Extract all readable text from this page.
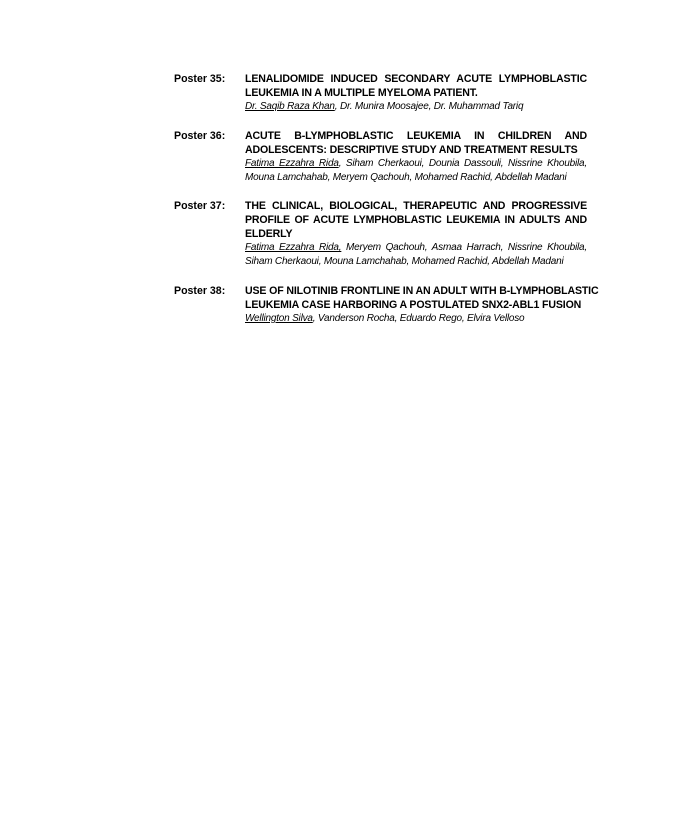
Poster 35: LENALIDOMIDE INDUCED SECONDARY ACUTE LYMPHOBLASTIC
LEUKEMIA IN A MULTIPLE MYELOMA PATIENT.
Dr. Saqib Raza Khan, Dr. Munira Moosajee, Dr. Muhammad Tariq
Poster 36: ACUTE B-LYMPHOBLASTIC LEUKEMIA IN CHILDREN AND
ADOLESCENTS: DESCRIPTIVE STUDY AND TREATMENT RESULTS
Fatima Ezzahra Rida, Siham Cherkaoui, Dounia Dassouli, Nissrine Khoubila,
Mouna Lamchahab, Meryem Qachouh, Mohamed Rachid, Abdellah Madani
Poster 37: THE CLINICAL, BIOLOGICAL, THERAPEUTIC AND PROGRESSIVE
PROFILE OF ACUTE LYMPHOBLASTIC LEUKEMIA IN ADULTS AND
ELDERLY
Fatima Ezzahra Rida, Meryem Qachouh, Asmaa Harrach, Nissrine Khoubila,
Siham Cherkaoui, Mouna Lamchahab, Mohamed Rachid, Abdellah Madani
Poster 38: USE OF NILOTINIB FRONTLINE IN AN ADULT WITH B-LYMPHOBLASTIC
LEUKEMIA CASE HARBORING A POSTULATED SNX2-ABL1 FUSION
Wellington Silva, Vanderson Rocha, Eduardo Rego, Elvira Velloso
